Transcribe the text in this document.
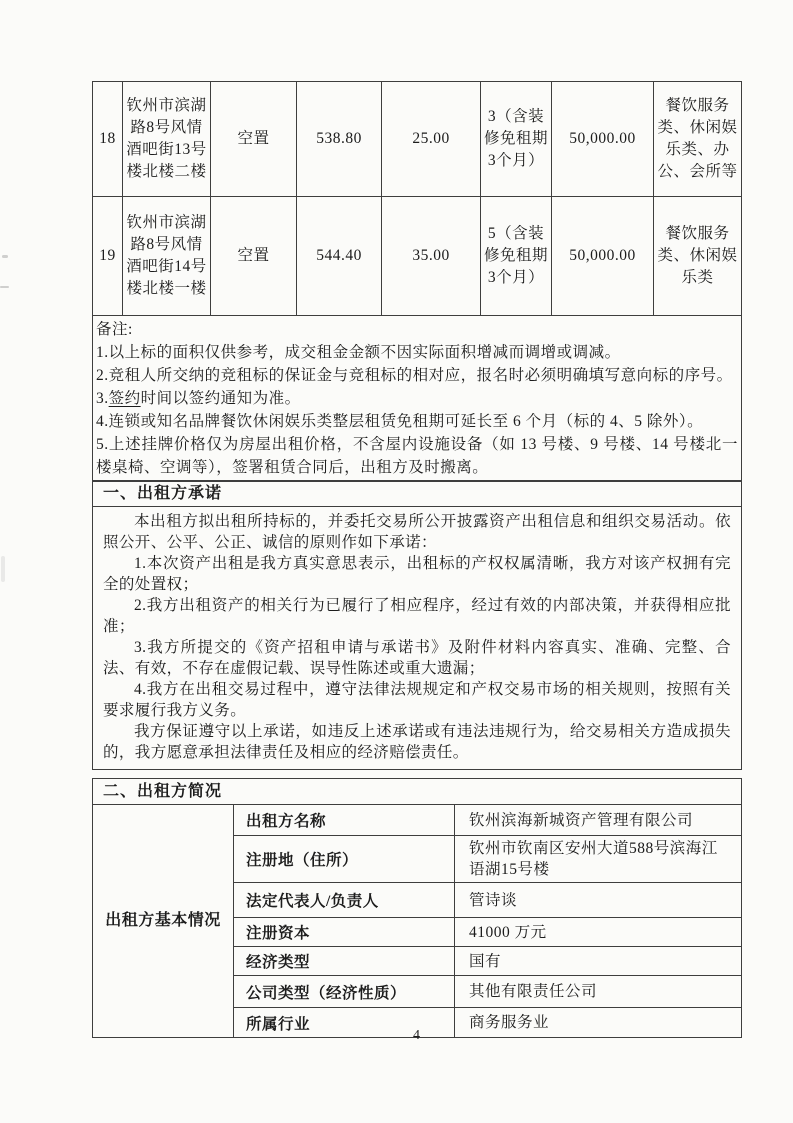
18	钦州市滨湖路8号风情酒吧街13号楼北楼二楼	空置	538.80	25.00	3（含装修免租期3个月）	50,000.00	餐饮服务类、休闲娱乐类、办公、会所等
19	钦州市滨湖路8号风情酒吧街14号楼北楼一楼	空置	544.40	35.00	5（含装修免租期3个月）	50,000.00	餐饮服务类、休闲娱乐类

备注:
1.以上标的面积仅供参考，成交租金金额不因实际面积增减而调增或调减。
2.竞租人所交纳的竞租标的保证金与竞租标的相对应，报名时必须明确填写意向标的序号。
3.签约时间以签约通知为准。
4.连锁或知名品牌餐饮休闲娱乐类整层租赁免租期可延长至 6 个月（标的 4、5 除外）。
5.上述挂牌价格仅为房屋出租价格，不含屋内设施设备（如 13 号楼、9 号楼、14 号楼北一楼桌椅、空调等），签署租赁合同后，出租方及时搬离。
一、出租方承诺

本出租方拟出租所持标的，并委托交易所公开披露资产出租信息和组织交易活动。依照公开、公平、公正、诚信的原则作如下承诺：

1.本次资产出租是我方真实意思表示，出租标的产权权属清晰，我方对该产权拥有完全的处置权；

2.我方出租资产的相关行为已履行了相应程序，经过有效的内部决策，并获得相应批准；

3.我方所提交的《资产招租申请与承诺书》及附件材料内容真实、准确、完整、合法、有效，不存在虚假记载、误导性陈述或重大遗漏；

4.我方在出租交易过程中，遵守法律法规规定和产权交易市场的相关规则，按照有关要求履行我方义务。

我方保证遵守以上承诺，如违反上述承诺或有违法违规行为，给交易相关方造成损失的，我方愿意承担法律责任及相应的经济赔偿责任。

二、出租方简况
出租方基本情况	出租方名称	钦州滨海新城资产管理有限公司
	注册地（住所）	钦州市钦南区安州大道588号滨海江语湖15号楼
	法定代表人/负责人	管诗谈
	注册资本	41000 万元
	经济类型	国有
	公司类型（经济性质）	其他有限责任公司
	所属行业	商务服务业
4
